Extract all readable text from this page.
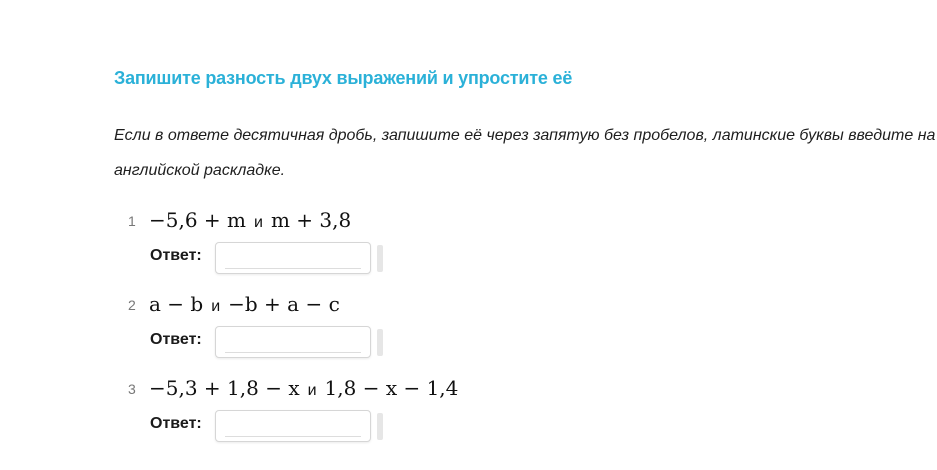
Запишите разность двух выражений и упростите её
Если в ответе десятичная дробь, запишите её через запятую без пробелов, латинские буквы введите на английской раскладке.
1 −5,6 + m и m + 3,8
Ответ:
2 a − b и −b + a − c
Ответ:
3 −5,3 + 1,8 − x и 1,8 − x − 1,4
Ответ:
